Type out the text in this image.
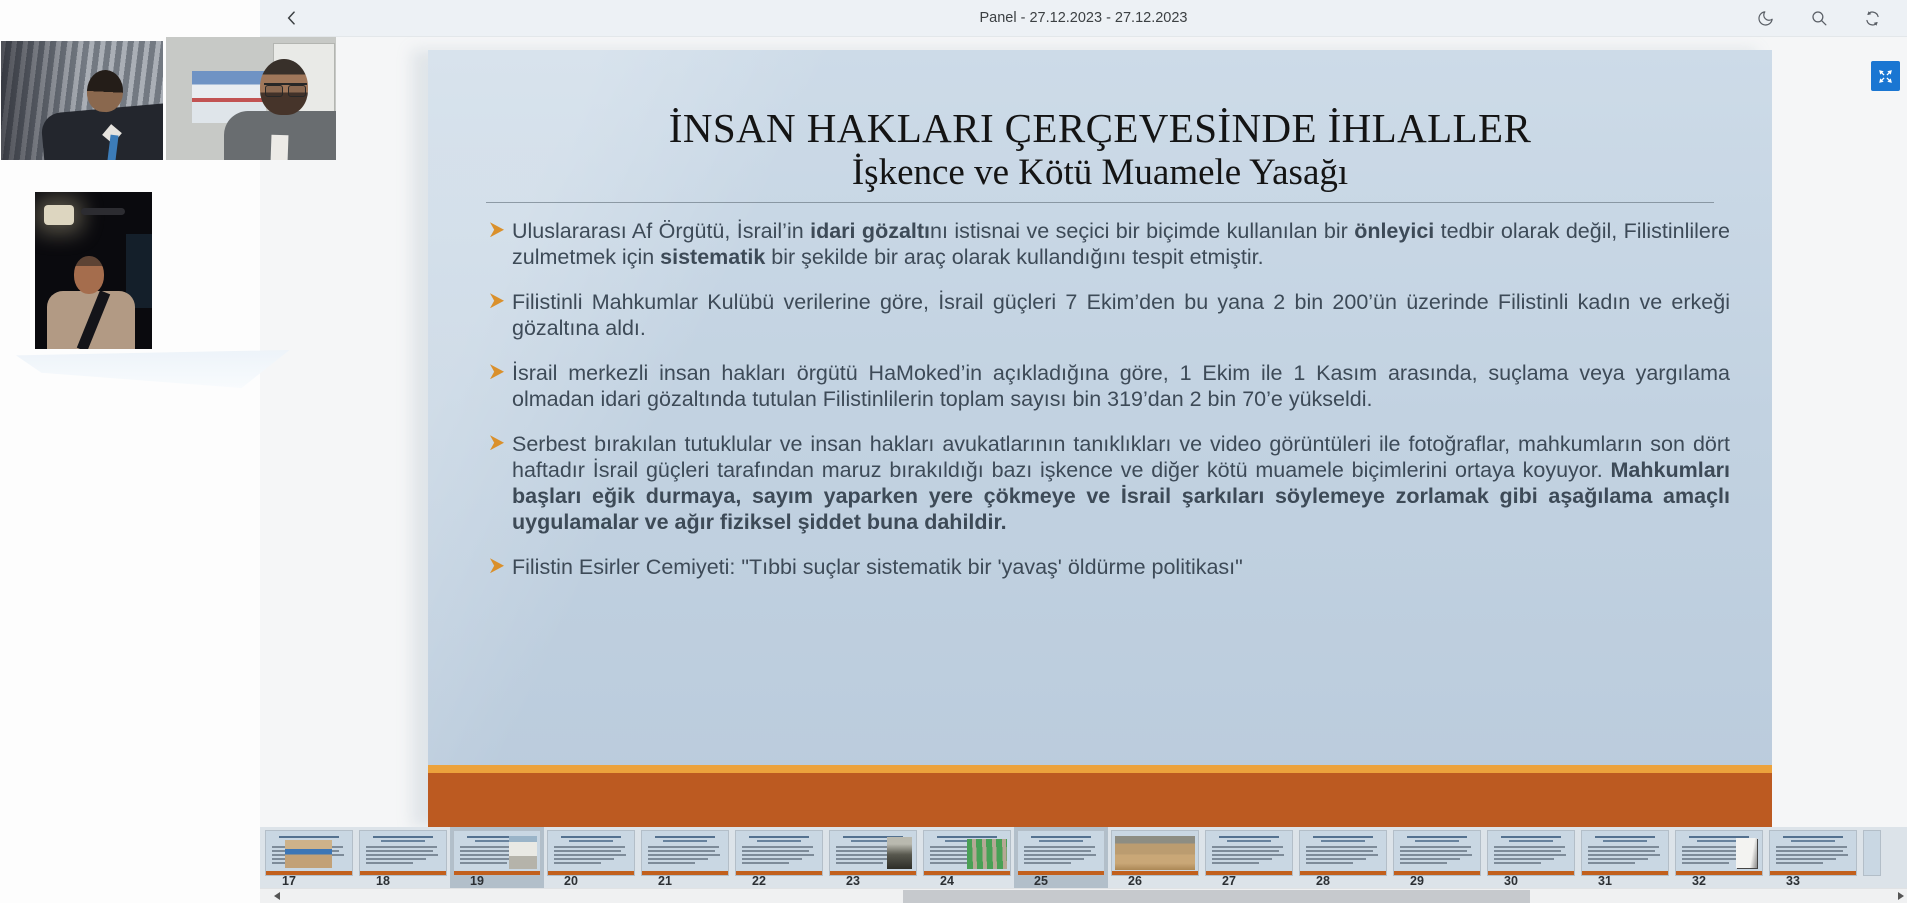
Panel - 27.12.2023 - 27.12.2023
İNSAN HAKLARI ÇERÇEVESİNDE İHLALLER
İşkence ve Kötü Muamele Yasağı
Uluslararası Af Örgütü, İsrail’in idari gözaltını istisnai ve seçici bir biçimde kullanılan bir önleyici tedbir olarak değil, Filistinlilere zulmetmek için sistematik bir şekilde bir araç olarak kullandığını tespit etmiştir.
Filistinli Mahkumlar Kulübü verilerine göre, İsrail güçleri 7 Ekim’den bu yana 2 bin 200’ün üzerinde Filistinli kadın ve erkeği gözaltına aldı.
İsrail merkezli insan hakları örgütü HaMoked’in açıkladığına göre, 1 Ekim ile 1 Kasım arasında, suçlama veya yargılama olmadan idari gözaltında tutulan Filistinlilerin toplam sayısı bin 319’dan 2 bin 70’e yükseldi.
Serbest bırakılan tutuklular ve insan hakları avukatlarının tanıklıkları ve video görüntüleri ile fotoğraflar, mahkumların son dört haftadır İsrail güçleri tarafından maruz bırakıldığı bazı işkence ve diğer kötü muamele biçimlerini ortaya koyuyor. Mahkumları başları eğik durmaya, sayım yaparken yere çökmeye ve İsrail şarkıları söylemeye zorlamak gibi aşağılama amaçlı uygulamalar ve ağır fiziksel şiddet buna dahildir.
Filistin Esirler Cemiyeti: "Tıbbi suçlar sistematik bir 'yavaş' öldürme politikası"
17	18	19	20	21	22	23	24	25	26	27	28	29	30	31	32	33
